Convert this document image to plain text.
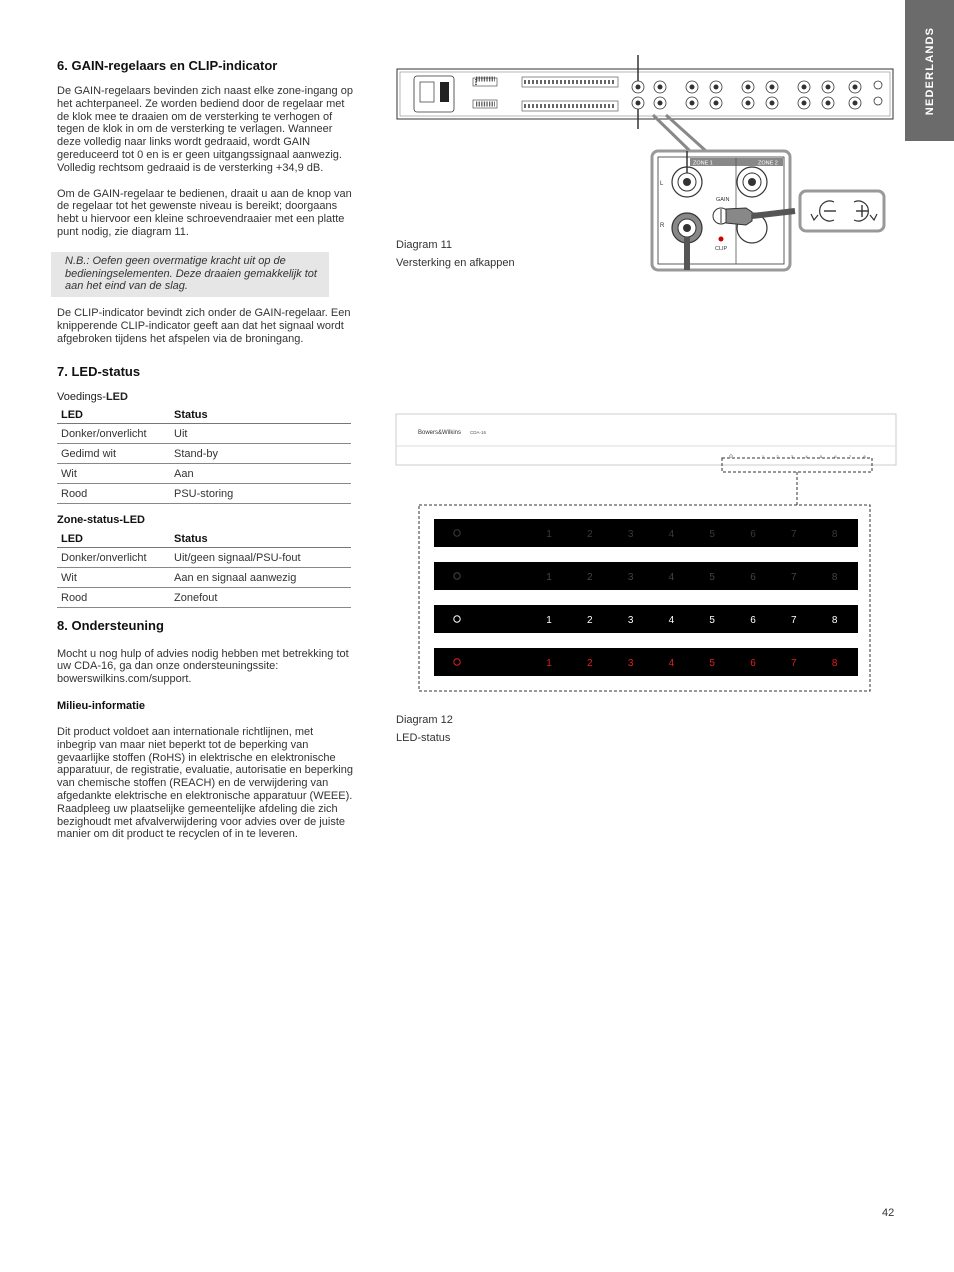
NEDERLANDS
6. GAIN-regelaars en CLIP-indicator

De GAIN-regelaars bevinden zich naast elke zone-ingang op het achterpaneel. Ze worden bediend door de regelaar met de klok mee te draaien om de versterking te verhogen of tegen de klok in om de versterking te verlagen. Wanneer deze volledig naar links wordt gedraaid, wordt GAIN gereduceerd tot 0 en is er geen uitgangssignaal aanwezig. Volledig rechtsom gedraaid is de versterking +34,9 dB.

Om de GAIN-regelaar te bedienen, draait u aan de knop van de regelaar tot het gewenste niveau is bereikt; doorgaans hebt u hiervoor een kleine schroevendraaier met een platte punt nodig, zie diagram 11.

N.B.: Oefen geen overmatige kracht uit op de bedieningselementen. Deze draaien gemakkelijk tot aan het eind van de slag.

De CLIP-indicator bevindt zich onder de GAIN-regelaar. Een knipperende CLIP-indicator geeft aan dat het signaal wordt afgebroken tijdens het afspelen via de broningang.

7. LED-status
Voedings-LED
LED	Status
Donker/onverlicht	Uit
Gedimd wit	Stand-by
Wit	Aan
Rood	PSU-storing
Zone-status-LED
LED	Status
Donker/onverlicht	Uit/geen signaal/PSU-fout
Wit	Aan en signaal aanwezig
Rood	Zonefout
8. Ondersteuning

Mocht u nog hulp of advies nodig hebben met betrekking tot uw CDA-16, ga dan onze ondersteuningssite: bowerswilkins.com/support.

Milieu-informatie

Dit product voldoet aan internationale richtlijnen, met inbegrip van maar niet beperkt tot de beperking van gevaarlijke stoffen (RoHS) in elektrische en elektronische apparatuur, de registratie, evaluatie, autorisatie en beperking van chemische stoffen (REACH) en de verwijdering van afgedankte elektrische en elektronische apparatuur (WEEE). Raadpleeg uw plaatselijke gemeentelijke afdeling die zich bezighoudt met afvalverwijdering voor advies over de juiste manier om dit product te recyclen of in te leveren.

ZONE 1	ZONE 2
L
R
GAIN
CLIP
Diagram 11
Versterking en afkappen
Bowers&Wilkins CDA-16
1	2	3	4	5	6	7	8
1	2	3	4	5	6	7	8
1	2	3	4	5	6	7	8
1	2	3	4	5	6	7	8
1	2	3	4	5	6	7	8
Diagram 12
LED-status
42
